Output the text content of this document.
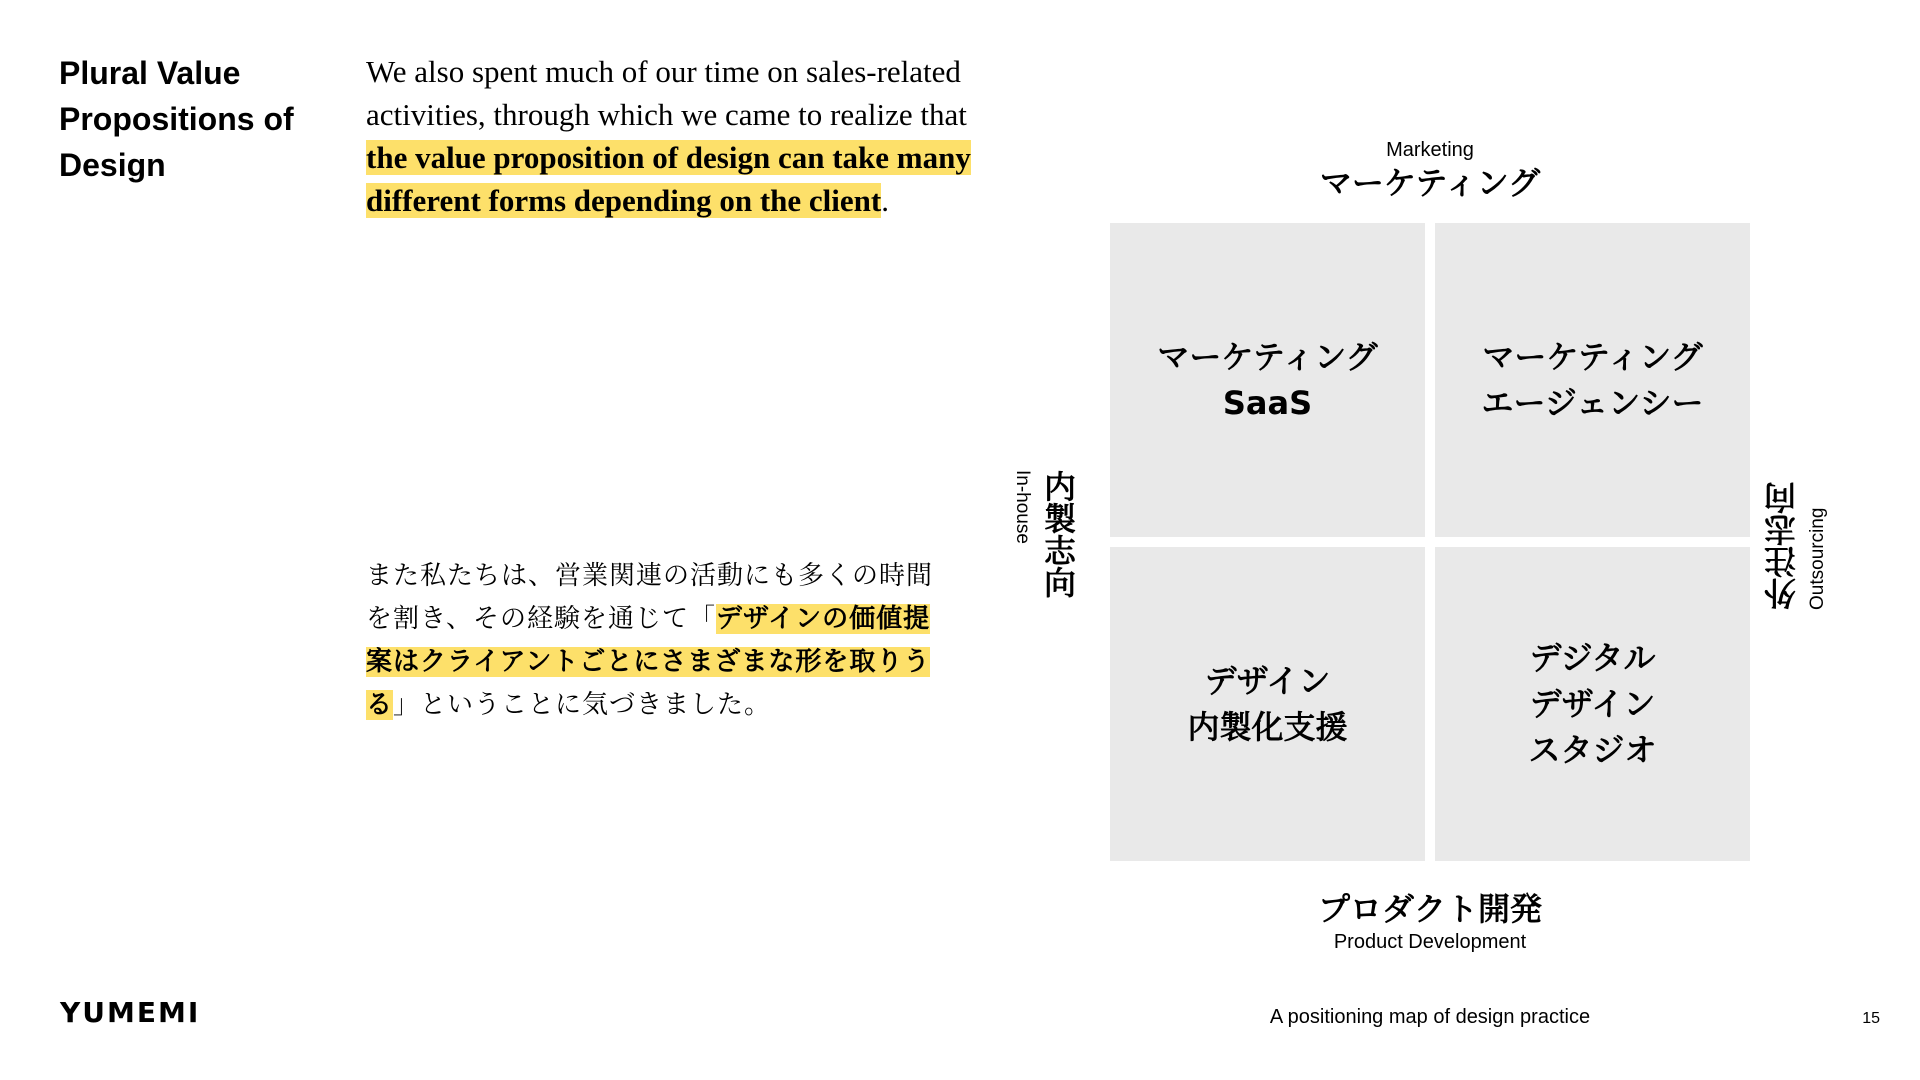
Plural Value
Propositions of
Design
We also spent much of our time on sales-related
activities, through which we came to realize that
the value proposition of design can take many
different forms depending on the client.
また私たちは、営業関連の活動にも多くの時間
を割き、その経験を通じて「デザインの価値提
案はクライアントごとにさまざまな形を取りう
る」ということに気づきました。
Marketing
マーケティング
マーケティング
SaaS
マーケティング
エージェンシー
デザイン
内製化支援
デジタル
デザイン
スタジオ
内製志向
In-house	外注志向 Outsourcing
プロダクト開発
Product Development
YUMEMI	A positioning map of design practice	15
